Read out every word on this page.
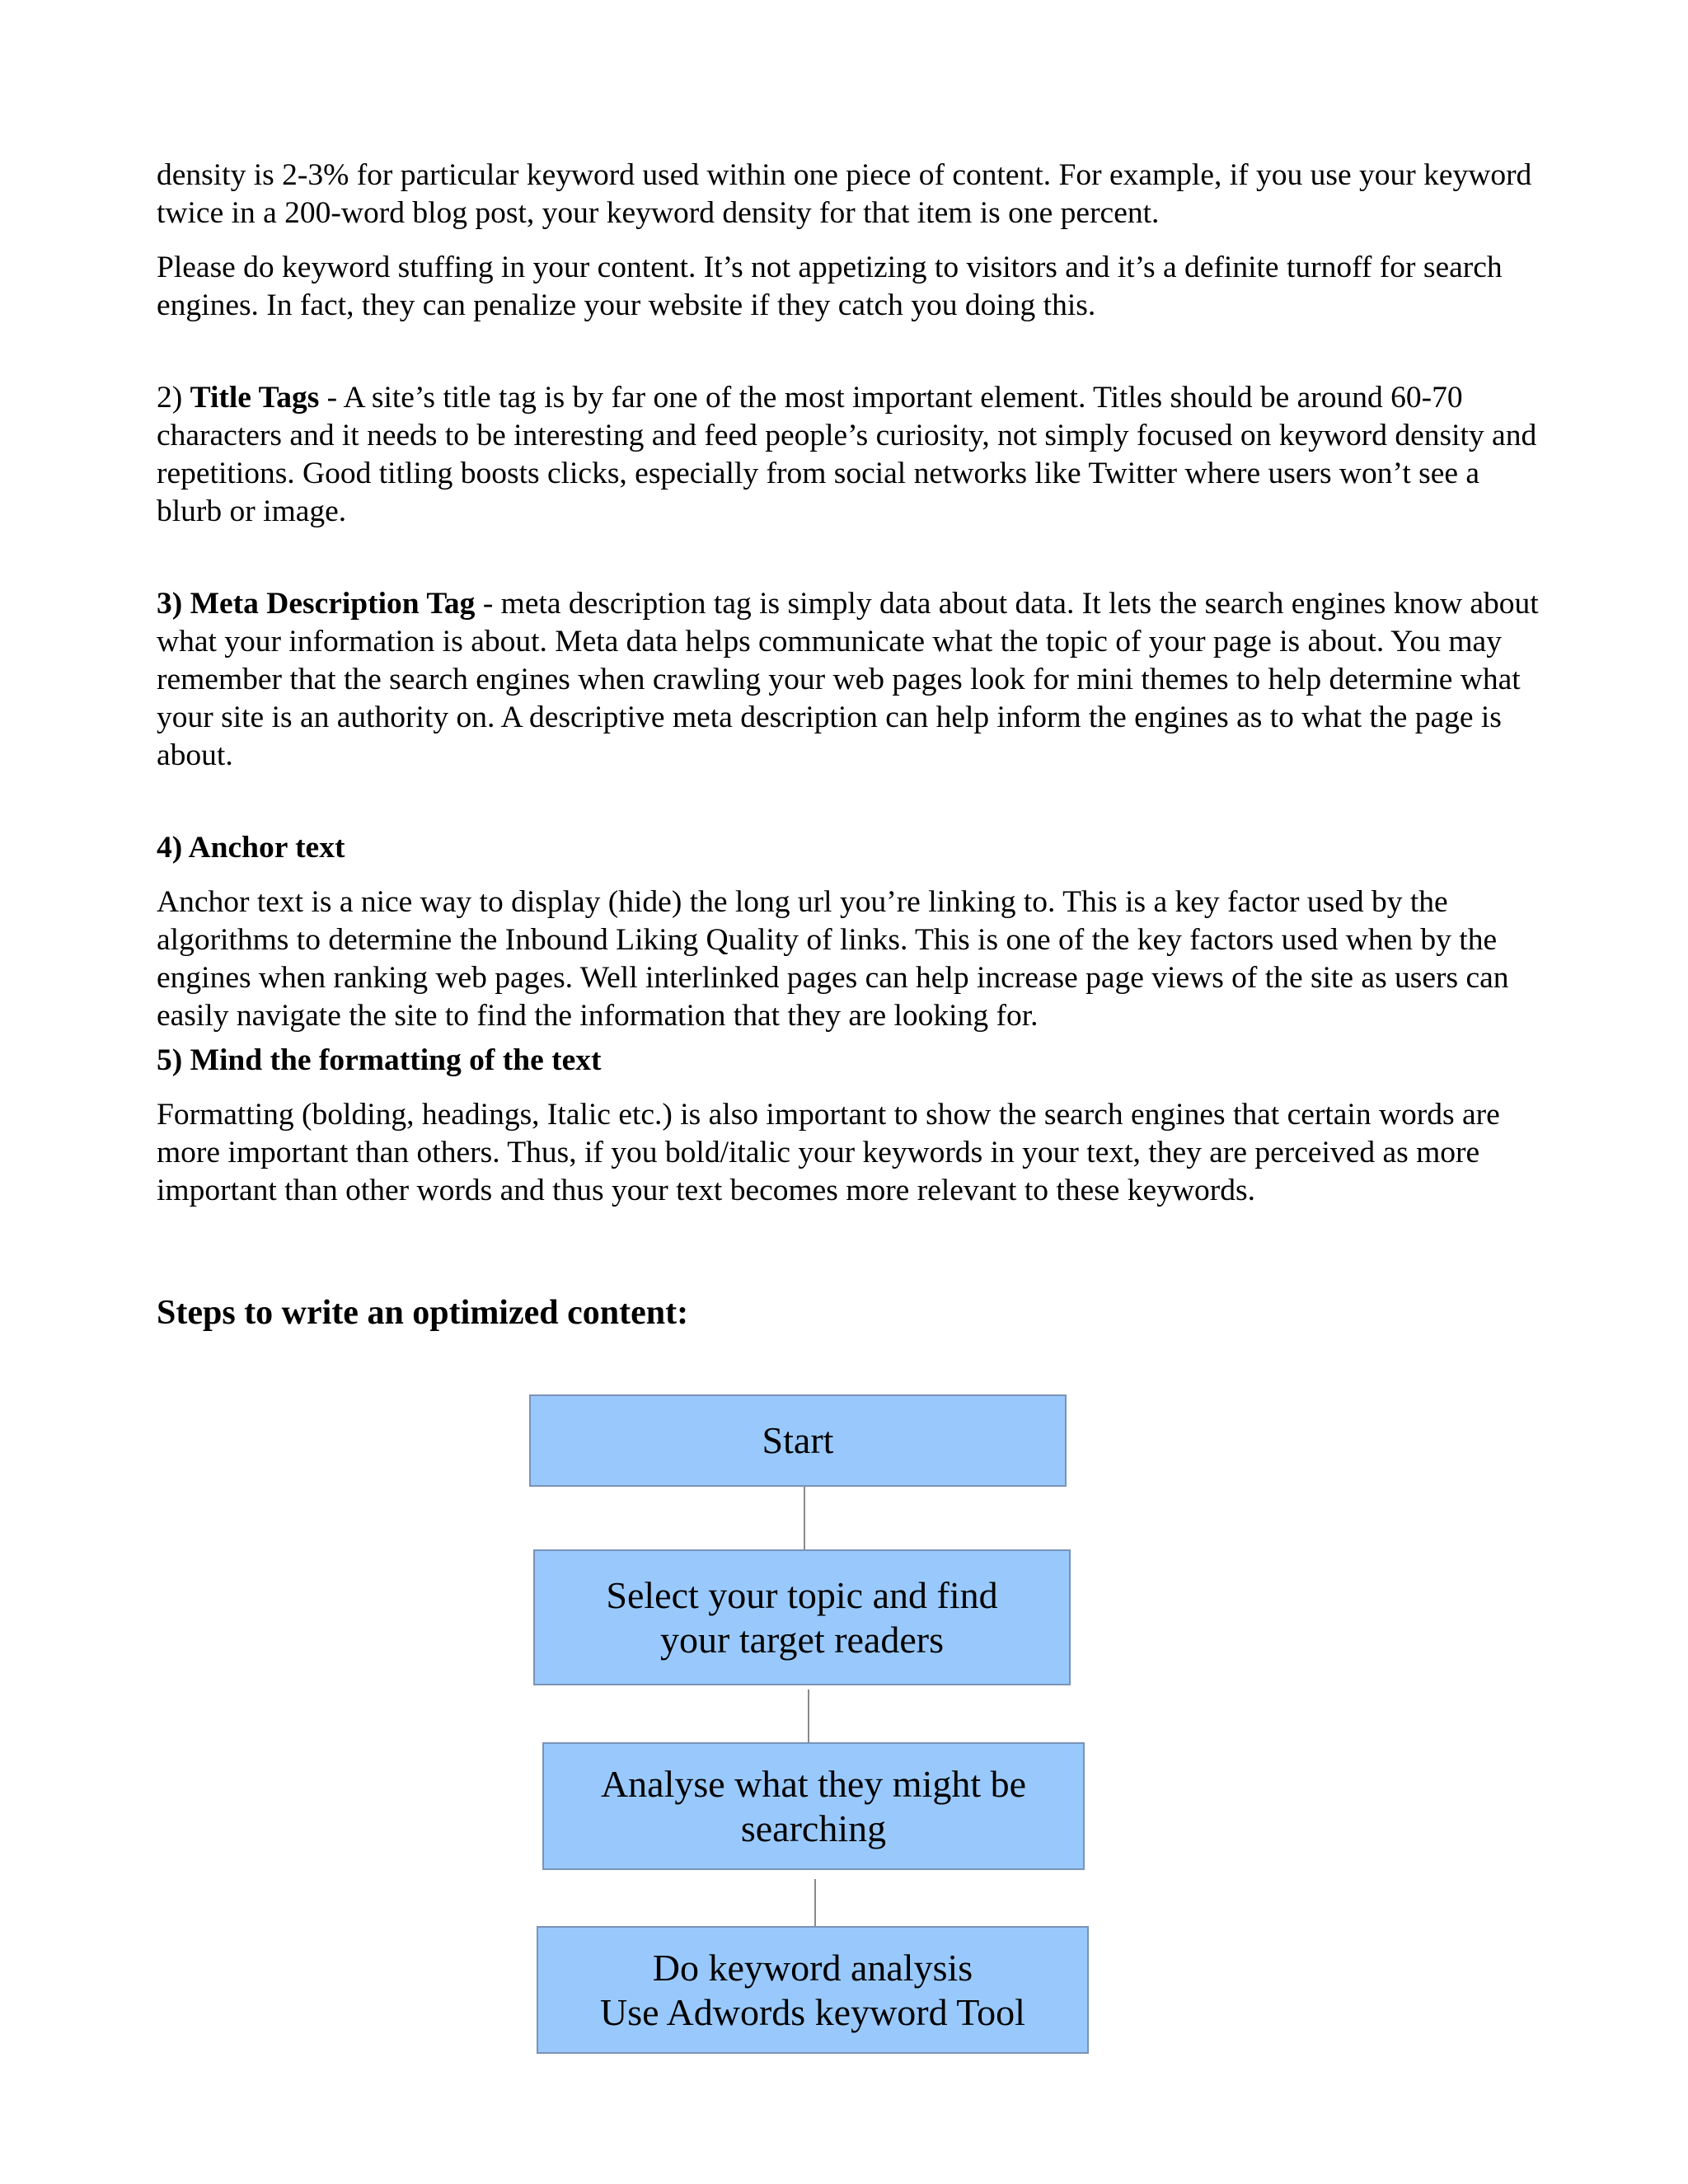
density is 2-3% for particular keyword used within one piece of content. For example, if you use your keyword twice in a 200-word blog post, your keyword density for that item is one percent.

Please do keyword stuffing in your content. It’s not appetizing to visitors and it’s a definite turnoff for search engines. In fact, they can penalize your website if they catch you doing this.

2) Title Tags - A site’s title tag is by far one of the most important element. Titles should be around 60-70 characters and it needs to be interesting and feed people’s curiosity, not simply focused on keyword density and repetitions. Good titling boosts clicks, especially from social networks like Twitter where users won’t see a blurb or image.

3) Meta Description Tag - meta description tag is simply data about data. It lets the search engines know about what your information is about. Meta data helps communicate what the topic of your page is about. You may remember that the search engines when crawling your web pages look for mini themes to help determine what your site is an authority on. A descriptive meta description can help inform the engines as to what the page is about.

4) Anchor text

Anchor text is a nice way to display (hide) the long url you’re linking to. This is a key factor used by the algorithms to determine the Inbound Liking Quality of links. This is one of the key factors used when by the engines when ranking web pages. Well interlinked pages can help increase page views of the site as users can easily navigate the site to find the information that they are looking for.

5) Mind the formatting of the text

Formatting (bolding, headings, Italic etc.) is also important to show the search engines that certain words are more important than others. Thus, if you bold/italic your keywords in your text, they are perceived as more important than other words and thus your text becomes more relevant to these keywords.

Steps to write an optimized content:

Start
Select your topic and find
your target readers
Analyse what they might be
searching
Do keyword analysis
Use Adwords keyword Tool
